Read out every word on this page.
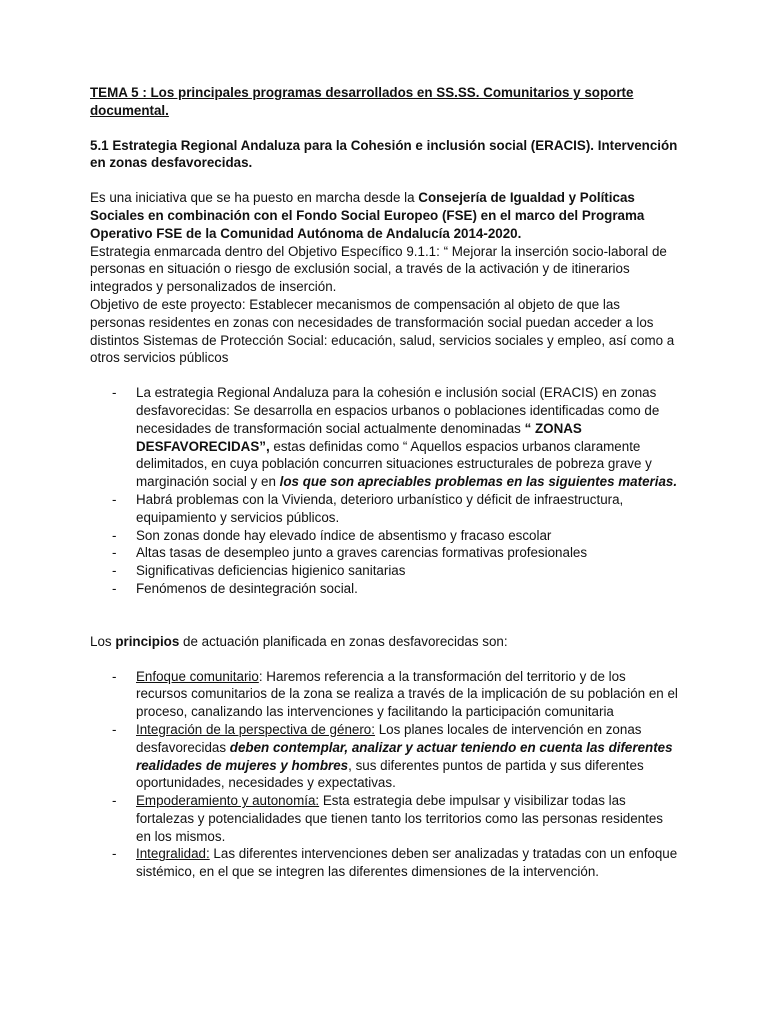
TEMA 5 : Los principales programas desarrollados en SS.SS. Comunitarios y soporte documental.

5.1 Estrategia Regional Andaluza para la Cohesión e inclusión social (ERACIS). Intervención en zonas desfavorecidas.

Es una iniciativa que se ha puesto en marcha desde la Consejería de Igualdad y Políticas Sociales en combinación con el Fondo Social Europeo (FSE) en el marco del Programa Operativo FSE de la Comunidad Autónoma de Andalucía 2014-2020.

Estrategia enmarcada dentro del Objetivo Específico 9.1.1: “ Mejorar la inserción socio-laboral de personas en situación o riesgo de exclusión social, a través de la activación y de itinerarios integrados y personalizados de inserción.

Objetivo de este proyecto: Establecer mecanismos de compensación al objeto de que las personas residentes en zonas con necesidades de transformación social puedan acceder a los distintos Sistemas de Protección Social: educación, salud, servicios sociales y empleo, así como a otros servicios públicos

- La estrategia Regional Andaluza para la cohesión e inclusión social (ERACIS) en zonas desfavorecidas: Se desarrolla en espacios urbanos o poblaciones identificadas como de necesidades de transformación social actualmente denominadas “ ZONAS DESFAVORECIDAS”, estas definidas como “ Aquellos espacios urbanos claramente delimitados, en cuya población concurren situaciones estructurales de pobreza grave y marginación social y en los que son apreciables problemas en las siguientes materias.
- Habrá problemas con la Vivienda, deterioro urbanístico y déficit de infraestructura, equipamiento y servicios públicos.
- Son zonas donde hay elevado índice de absentismo y fracaso escolar
- Altas tasas de desempleo junto a graves carencias formativas profesionales
- Significativas deficiencias higienico sanitarias
- Fenómenos de desintegración social.

Los principios de actuación planificada en zonas desfavorecidas son:

- Enfoque comunitario: Haremos referencia a la transformación del territorio y de los recursos comunitarios de la zona se realiza a través de la implicación de su población en el proceso, canalizando las intervenciones y facilitando la participación comunitaria
- Integración de la perspectiva de género: Los planes locales de intervención en zonas desfavorecidas deben contemplar, analizar y actuar teniendo en cuenta las diferentes realidades de mujeres y hombres, sus diferentes puntos de partida y sus diferentes oportunidades, necesidades y expectativas.
- Empoderamiento y autonomía: Esta estrategia debe impulsar y visibilizar todas las fortalezas y potencialidades que tienen tanto los territorios como las personas residentes en los mismos.
- Integralidad: Las diferentes intervenciones deben ser analizadas y tratadas con un enfoque sistémico, en el que se integren las diferentes dimensiones de la intervención.
